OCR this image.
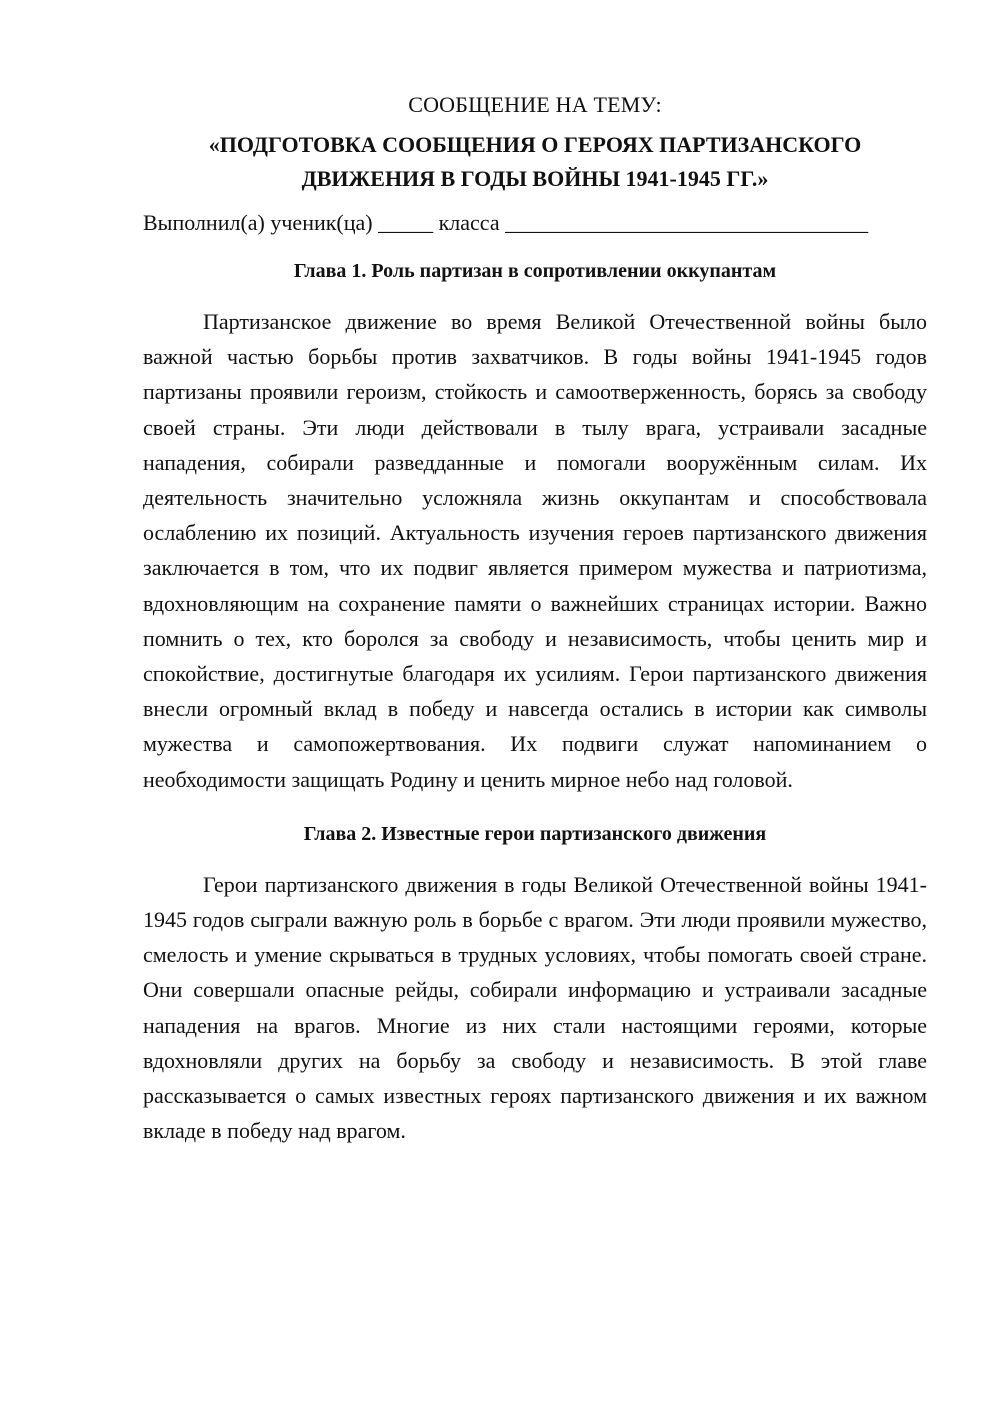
СООБЩЕНИЕ НА ТЕМУ:
«ПОДГОТОВКА СООБЩЕНИЯ О ГЕРОЯХ ПАРТИЗАНСКОГО
ДВИЖЕНИЯ В ГОДЫ ВОЙНЫ 1941-1945 ГГ.»
Выполнил(а) ученик(ца) _____ класса _________________________________
Глава 1. Роль партизан в сопротивлении оккупантам

Партизанское движение во время Великой Отечественной войны было важной частью борьбы против захватчиков. В годы войны 1941-1945 годов партизаны проявили героизм, стойкость и самоотверженность, борясь за свободу своей страны. Эти люди действовали в тылу врага, устраивали засадные нападения, собирали разведданные и помогали вооружённым силам. Их деятельность значительно усложняла жизнь оккупантам и способствовала ослаблению их позиций. Актуальность изучения героев партизанского движения заключается в том, что их подвиг является примером мужества и патриотизма, вдохновляющим на сохранение памяти о важнейших страницах истории. Важно помнить о тех, кто боролся за свободу и независимость, чтобы ценить мир и спокойствие, достигнутые благодаря их усилиям. Герои партизанского движения внесли огромный вклад в победу и навсегда остались в истории как символы мужества и самопожертвования. Их подвиги служат напоминанием о необходимости защищать Родину и ценить мирное небо над головой.

Глава 2. Известные герои партизанского движения

Герои партизанского движения в годы Великой Отечественной войны 1941-1945 годов сыграли важную роль в борьбе с врагом. Эти люди проявили мужество, смелость и умение скрываться в трудных условиях, чтобы помогать своей стране. Они совершали опасные рейды, собирали информацию и устраивали засадные нападения на врагов. Многие из них стали настоящими героями, которые вдохновляли других на борьбу за свободу и независимость. В этой главе рассказывается о самых известных героях партизанского движения и их важном вкладе в победу над врагом.
